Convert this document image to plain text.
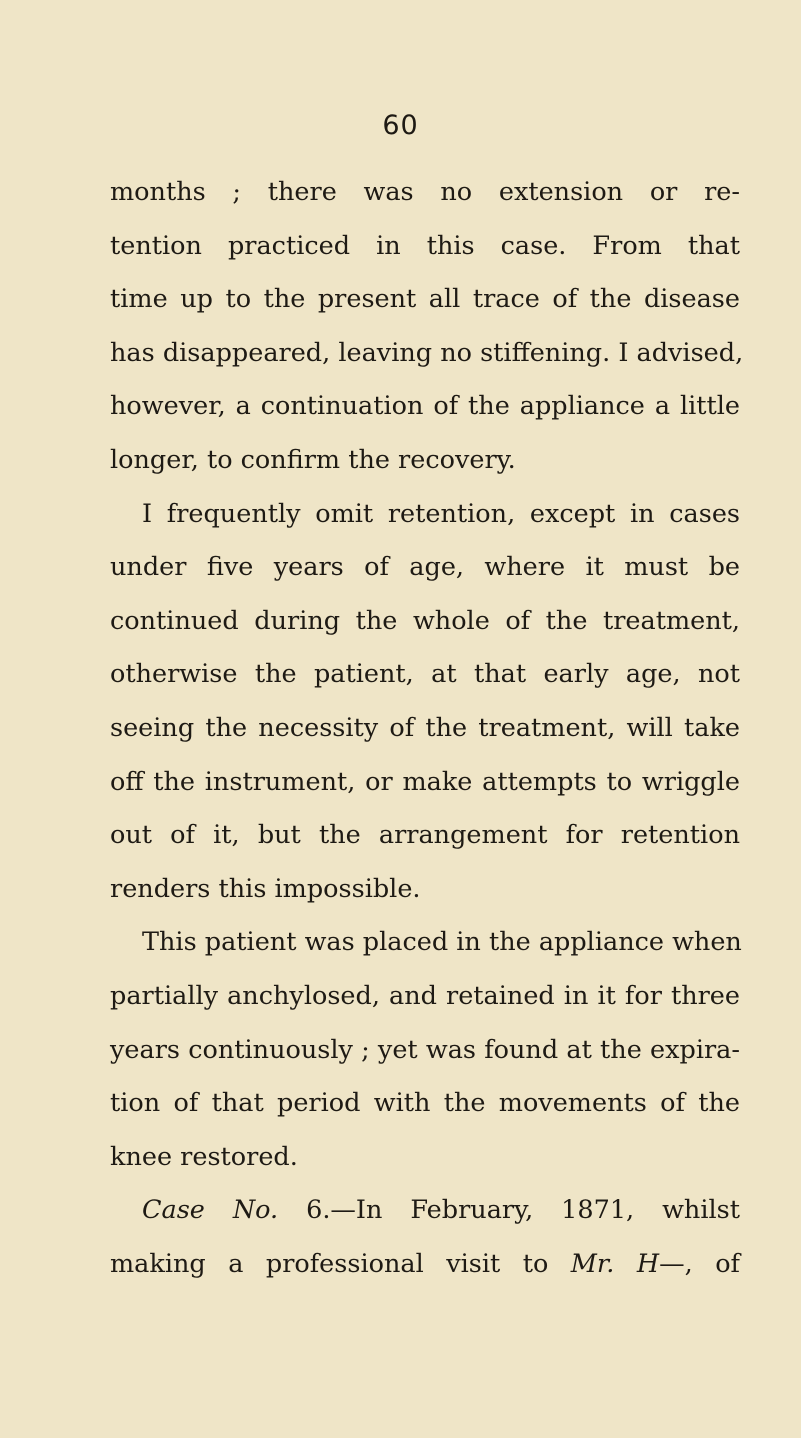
60
months ; there was no extension or re-
tention practiced in this case. From that
time up to the present all trace of the disease
has disappeared, leaving no stiffening. I advised,
however, a continuation of the appliance a little
longer, to confirm the recovery.
I frequently omit retention, except in cases
under five years of age, where it must be
continued during the whole of the treatment,
otherwise the patient, at that early age, not
seeing the necessity of the treatment, will take
off the instrument, or make attempts to wriggle
out of it, but the arrangement for retention
renders this impossible.
This patient was placed in the appliance when
partially anchylosed, and retained in it for three
years continuously ; yet was found at the expira-
tion of that period with the movements of the
knee restored.
Case No. 6.—In February, 1871, whilst
making a professional visit to Mr. H—, of
